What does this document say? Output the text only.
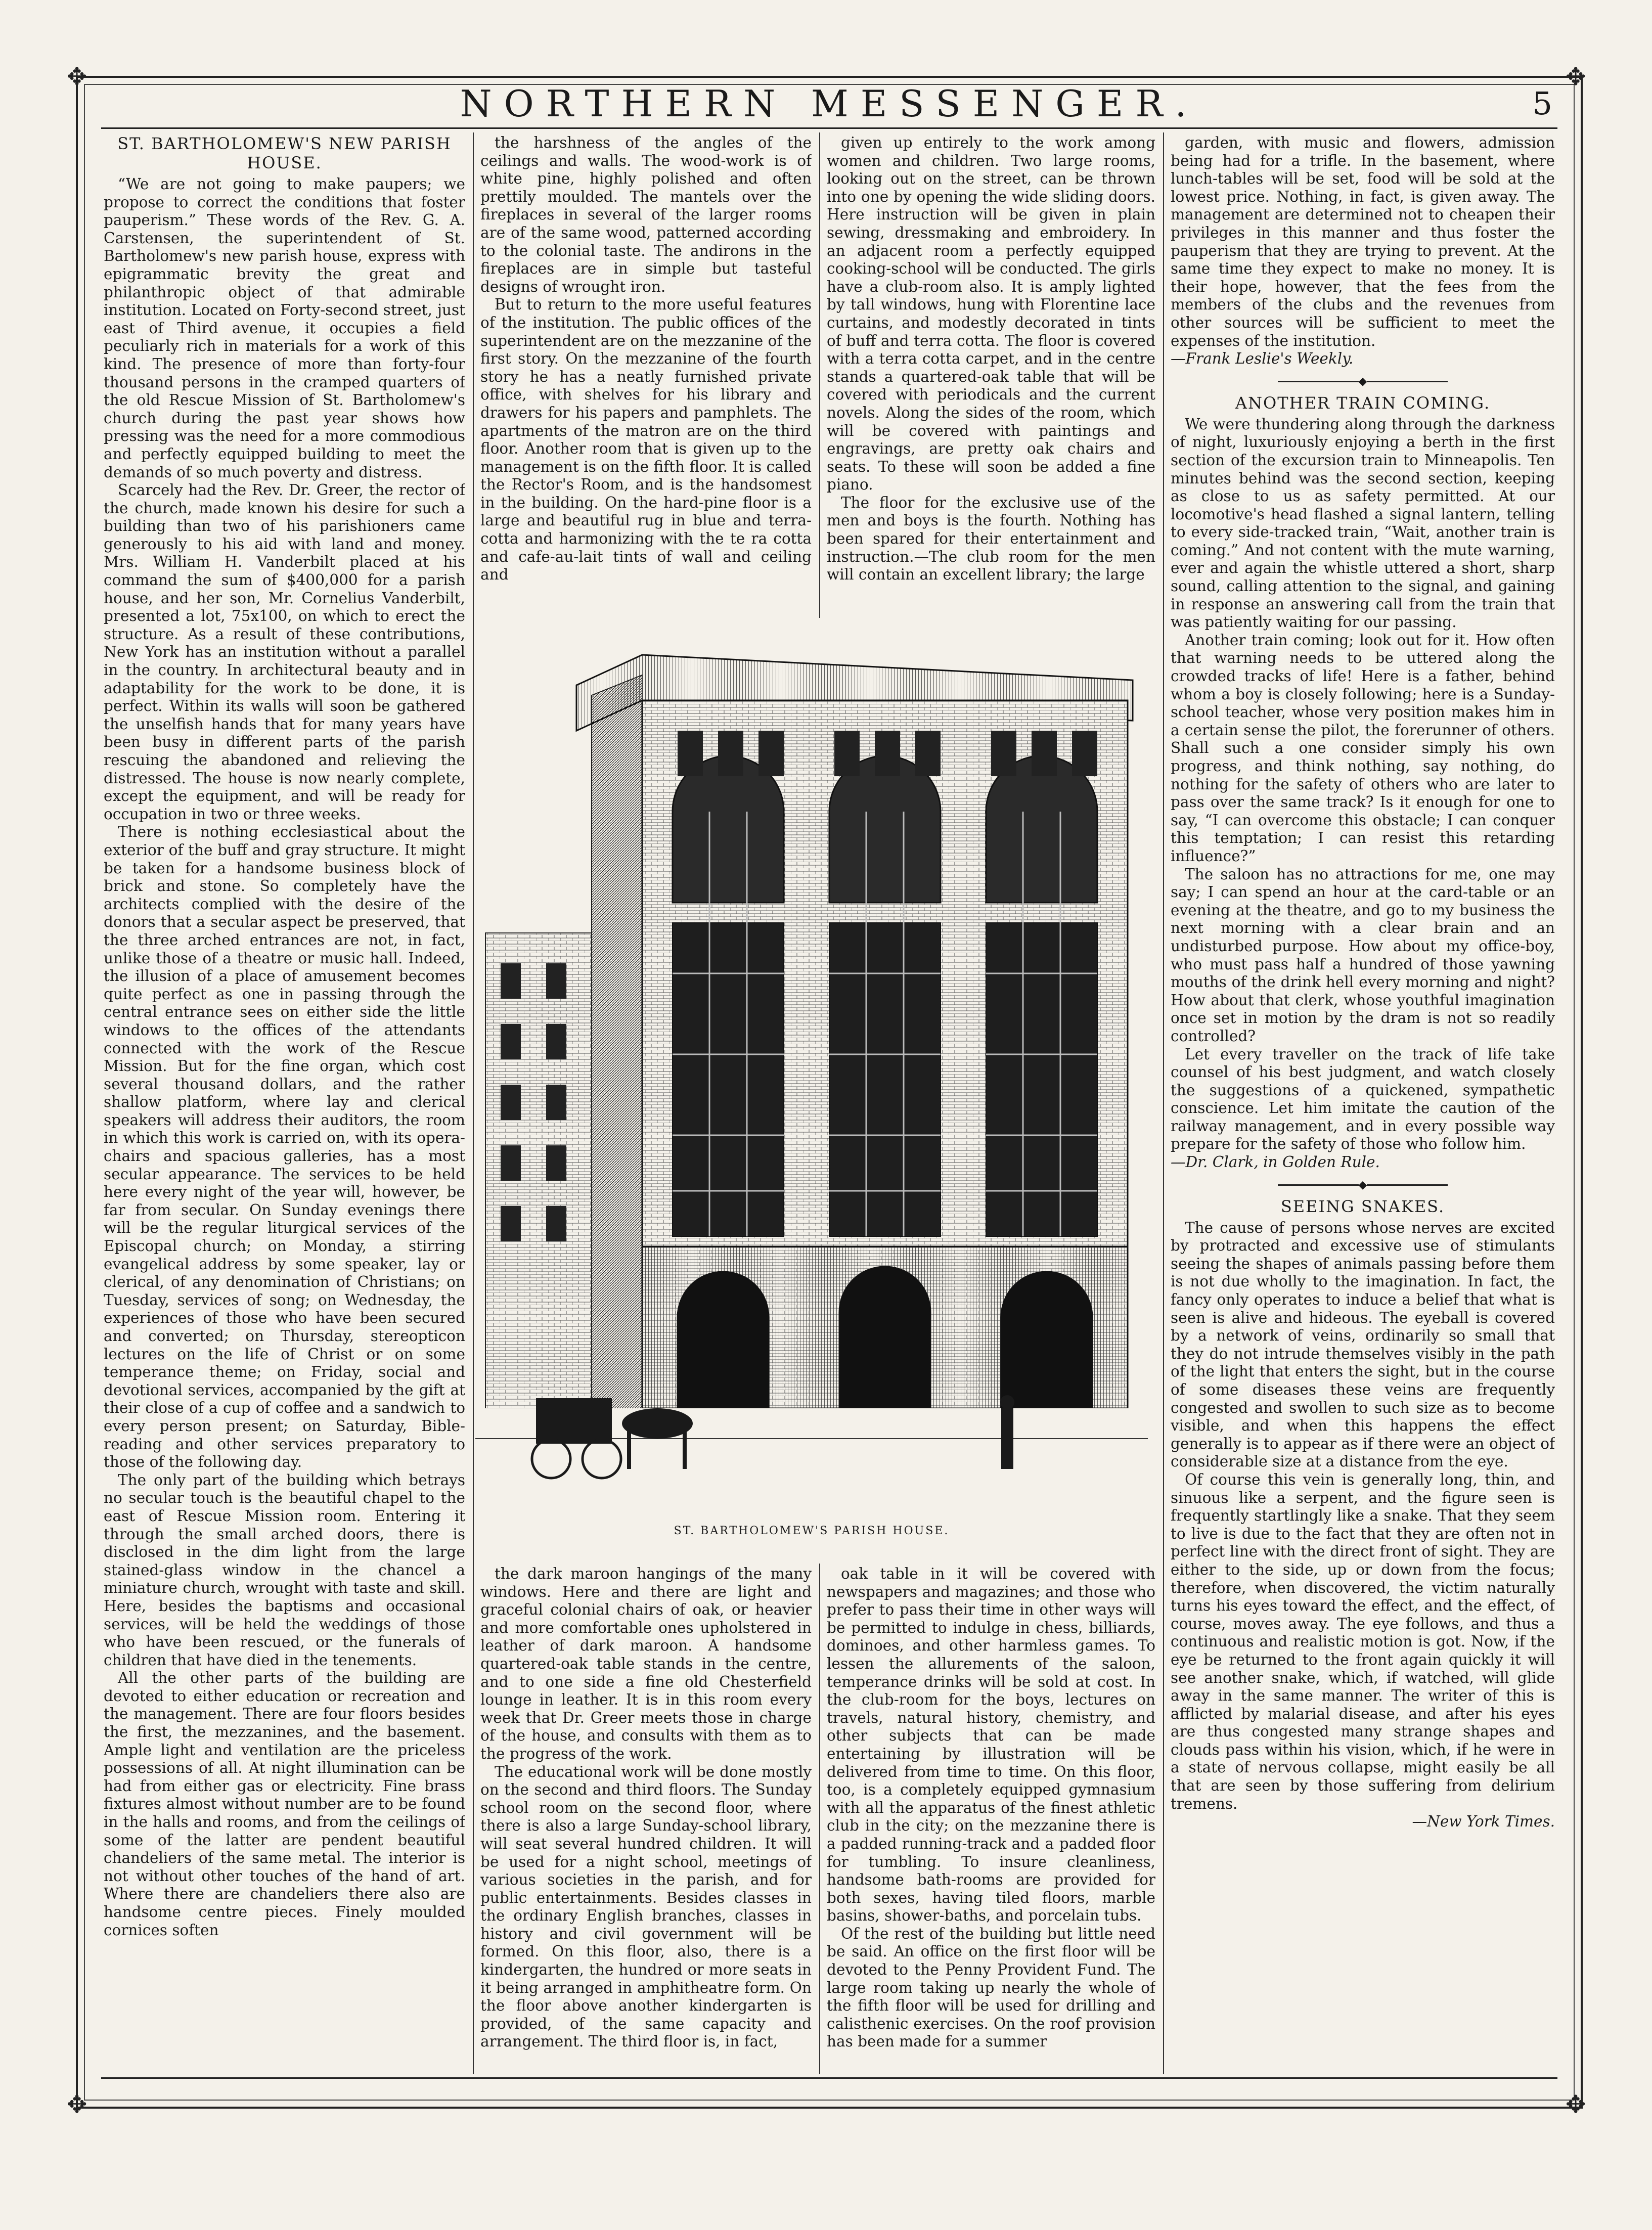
✥	✥
✥	✥
NORTHERN MESSENGER.	5
ST. BARTHOLOMEW'S NEW PARISH HOUSE.

“We are not going to make paupers; we propose to correct the conditions that foster pauperism.” These words of the Rev. G. A. Carstensen, the superintendent of St. Bartholomew's new parish house, express with epigrammatic brevity the great and philanthropic object of that admirable institution. Located on Forty-second street, just east of Third avenue, it occupies a field peculiarly rich in materials for a work of this kind. The presence of more than forty-four thousand persons in the cramped quarters of the old Rescue Mission of St. Bartholomew's church during the past year shows how pressing was the need for a more commodious and perfectly equipped building to meet the demands of so much poverty and distress.

Scarcely had the Rev. Dr. Greer, the rector of the church, made known his desire for such a building than two of his parishioners came generously to his aid with land and money. Mrs. William H. Vanderbilt placed at his command the sum of $400,000 for a parish house, and her son, Mr. Cornelius Vanderbilt, presented a lot, 75x100, on which to erect the structure. As a result of these contributions, New York has an institution without a parallel in the country. In architectural beauty and in adaptability for the work to be done, it is perfect. Within its walls will soon be gathered the unselfish hands that for many years have been busy in different parts of the parish rescuing the abandoned and relieving the distressed. The house is now nearly complete, except the equipment, and will be ready for occupation in two or three weeks.

There is nothing ecclesiastical about the exterior of the buff and gray structure. It might be taken for a handsome business block of brick and stone. So completely have the architects complied with the desire of the donors that a secular aspect be preserved, that the three arched entrances are not, in fact, unlike those of a theatre or music hall. Indeed, the illusion of a place of amusement becomes quite perfect as one in passing through the central entrance sees on either side the little windows to the offices of the attendants connected with the work of the Rescue Mission. But for the fine organ, which cost several thousand dollars, and the rather shallow platform, where lay and clerical speakers will address their auditors, the room in which this work is carried on, with its opera-chairs and spacious galleries, has a most secular appearance. The services to be held here every night of the year will, however, be far from secular. On Sunday evenings there will be the regular liturgical services of the Episcopal church; on Monday, a stirring evangelical address by some speaker, lay or clerical, of any denomination of Christians; on Tuesday, services of song; on Wednesday, the experiences of those who have been secured and converted; on Thursday, stereopticon lectures on the life of Christ or on some temperance theme; on Friday, social and devotional services, accompanied by the gift at their close of a cup of coffee and a sandwich to every person present; on Saturday, Bible-reading and other services preparatory to those of the following day.

The only part of the building which betrays no secular touch is the beautiful chapel to the east of Rescue Mission room. Entering it through the small arched doors, there is disclosed in the dim light from the large stained-glass window in the chancel a miniature church, wrought with taste and skill. Here, besides the baptisms and occasional services, will be held the weddings of those who have been rescued, or the funerals of children that have died in the tenements.

All the other parts of the building are devoted to either education or recreation and the management. There are four floors besides the first, the mezzanines, and the basement. Ample light and ventilation are the priceless possessions of all. At night illumination can be had from either gas or electricity. Fine brass fixtures almost without number are to be found in the halls and rooms, and from the ceilings of some of the latter are pendent beautiful chandeliers of the same metal. The interior is not without other touches of the hand of art. Where there are chandeliers there also are handsome centre pieces. Finely moulded cornices soften

the harshness of the angles of the ceilings and walls. The wood-work is of white pine, highly polished and often prettily moulded. The mantels over the fireplaces in several of the larger rooms are of the same wood, patterned according to the colonial taste. The andirons in the fireplaces are in simple but tasteful designs of wrought iron.

But to return to the more useful features of the institution. The public offices of the superintendent are on the mezzanine of the first story. On the mezzanine of the fourth story he has a neatly furnished private office, with shelves for his library and drawers for his papers and pamphlets. The apartments of the matron are on the third floor. Another room that is given up to the management is on the fifth floor. It is called the Rector's Room, and is the handsomest in the building. On the hard-pine floor is a large and beautiful rug in blue and terra-cotta and harmonizing with the te ra cotta and cafe-au-lait tints of wall and ceiling and

given up entirely to the work among women and children. Two large rooms, looking out on the street, can be thrown into one by opening the wide sliding doors. Here instruction will be given in plain sewing, dressmaking and embroidery. In an adjacent room a perfectly equipped cooking-school will be conducted. The girls have a club-room also. It is amply lighted by tall windows, hung with Florentine lace curtains, and modestly decorated in tints of buff and terra cotta. The floor is covered with a terra cotta carpet, and in the centre stands a quartered-oak table that will be covered with periodicals and the current novels. Along the sides of the room, which will be covered with paintings and engravings, are pretty oak chairs and seats. To these will soon be added a fine piano.

The floor for the exclusive use of the men and boys is the fourth. Nothing has been spared for their entertainment and instruction.—The club room for the men will contain an excellent library; the large

ST. BARTHOLOMEW'S PARISH HOUSE.

the dark maroon hangings of the many windows. Here and there are light and graceful colonial chairs of oak, or heavier and more comfortable ones upholstered in leather of dark maroon. A handsome quartered-oak table stands in the centre, and to one side a fine old Chesterfield lounge in leather. It is in this room every week that Dr. Greer meets those in charge of the house, and consults with them as to the progress of the work.

The educational work will be done mostly on the second and third floors. The Sunday school room on the second floor, where there is also a large Sunday-school library, will seat several hundred children. It will be used for a night school, meetings of various societies in the parish, and for public entertainments. Besides classes in the ordinary English branches, classes in history and civil government will be formed. On this floor, also, there is a kindergarten, the hundred or more seats in it being arranged in amphitheatre form. On the floor above another kindergarten is provided, of the same capacity and arrangement. The third floor is, in fact,

oak table in it will be covered with newspapers and magazines; and those who prefer to pass their time in other ways will be permitted to indulge in chess, billiards, dominoes, and other harmless games. To lessen the allurements of the saloon, temperance drinks will be sold at cost. In the club-room for the boys, lectures on travels, natural history, chemistry, and other subjects that can be made entertaining by illustration will be delivered from time to time. On this floor, too, is a completely equipped gymnasium with all the apparatus of the finest athletic club in the city; on the mezzanine there is a padded running-track and a padded floor for tumbling. To insure cleanliness, handsome bath-rooms are provided for both sexes, having tiled floors, marble basins, shower-baths, and porcelain tubs.

Of the rest of the building but little need be said. An office on the first floor will be devoted to the Penny Provident Fund. The large room taking up nearly the whole of the fifth floor will be used for drilling and calisthenic exercises. On the roof provision has been made for a summer

garden, with music and flowers, admission being had for a trifle. In the basement, where lunch-tables will be set, food will be sold at the lowest price. Nothing, in fact, is given away. The management are determined not to cheapen their privileges in this manner and thus foster the pauperism that they are trying to prevent. At the same time they expect to make no money. It is their hope, however, that the fees from the members of the clubs and the revenues from other sources will be sufficient to meet the expenses of the institution.

—Frank Leslie's Weekly.

◆
ANOTHER TRAIN COMING.

We were thundering along through the darkness of night, luxuriously enjoying a berth in the first section of the excursion train to Minneapolis. Ten minutes behind was the second section, keeping as close to us as safety permitted. At our locomotive's head flashed a signal lantern, telling to every side-tracked train, “Wait, another train is coming.” And not content with the mute warning, ever and again the whistle uttered a short, sharp sound, calling attention to the signal, and gaining in response an answering call from the train that was patiently waiting for our passing.

Another train coming; look out for it. How often that warning needs to be uttered along the crowded tracks of life! Here is a father, behind whom a boy is closely following; here is a Sunday-school teacher, whose very position makes him in a certain sense the pilot, the forerunner of others. Shall such a one consider simply his own progress, and think nothing, say nothing, do nothing for the safety of others who are later to pass over the same track? Is it enough for one to say, “I can overcome this obstacle; I can conquer this temptation; I can resist this retarding influence?”

The saloon has no attractions for me, one may say; I can spend an hour at the card-table or an evening at the theatre, and go to my business the next morning with a clear brain and an undisturbed purpose. How about my office-boy, who must pass half a hundred of those yawning mouths of the drink hell every morning and night? How about that clerk, whose youthful imagination once set in motion by the dram is not so readily controlled?

Let every traveller on the track of life take counsel of his best judgment, and watch closely the suggestions of a quickened, sympathetic conscience. Let him imitate the caution of the railway management, and in every possible way prepare for the safety of those who follow him.

—Dr. Clark, in Golden Rule.

◆
SEEING SNAKES.

The cause of persons whose nerves are excited by protracted and excessive use of stimulants seeing the shapes of animals passing before them is not due wholly to the imagination. In fact, the fancy only operates to induce a belief that what is seen is alive and hideous. The eyeball is covered by a network of veins, ordinarily so small that they do not intrude themselves visibly in the path of the light that enters the sight, but in the course of some diseases these veins are frequently congested and swollen to such size as to become visible, and when this happens the effect generally is to appear as if there were an object of considerable size at a distance from the eye.

Of course this vein is generally long, thin, and sinuous like a serpent, and the figure seen is frequently startlingly like a snake. That they seem to live is due to the fact that they are often not in perfect line with the direct front of sight. They are either to the side, up or down from the focus; therefore, when discovered, the victim naturally turns his eyes toward the effect, and the effect, of course, moves away. The eye follows, and thus a continuous and realistic motion is got. Now, if the eye be returned to the front again quickly it will see another snake, which, if watched, will glide away in the same manner. The writer of this is afflicted by malarial disease, and after his eyes are thus congested many strange shapes and clouds pass within his vision, which, if he were in a state of nervous collapse, might easily be all that are seen by those suffering from delirium tremens.

—New York Times.
